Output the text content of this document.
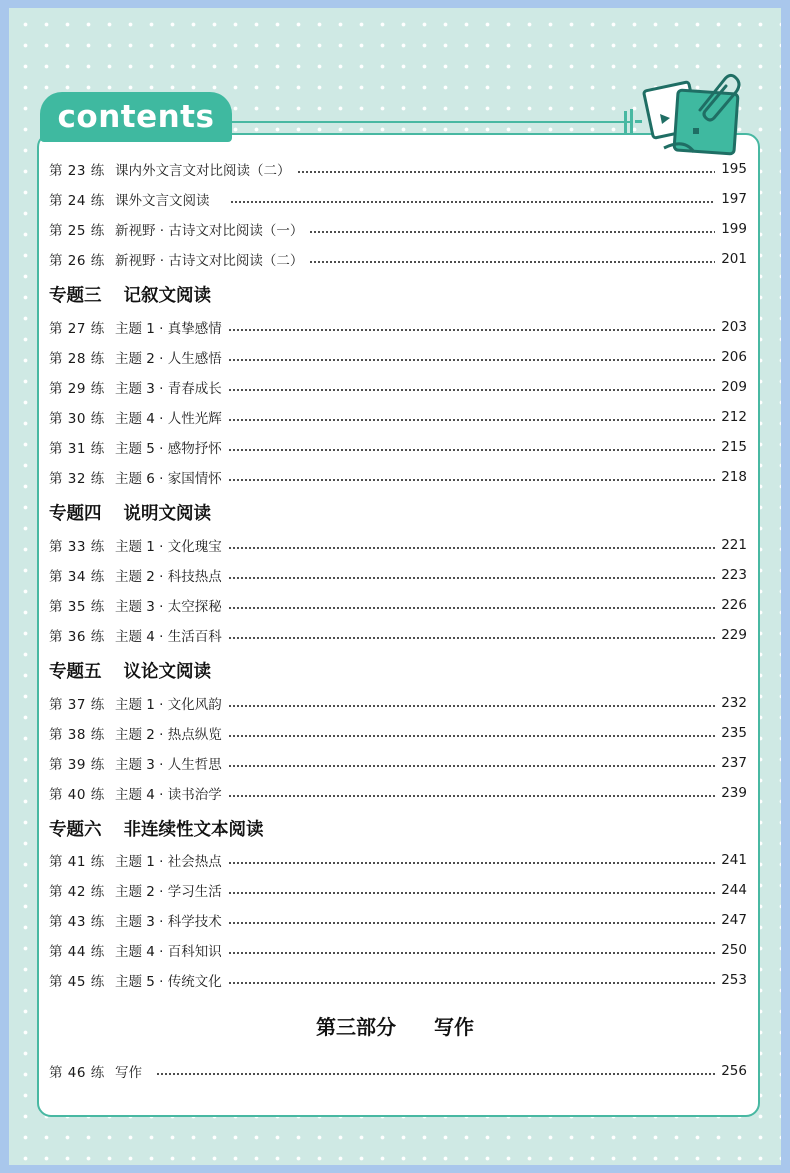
contents
第 23 练 课内外文言文对比阅读（二）	195
第 24 练 课外文言文阅读	197
第 25 练 新视野 · 古诗文对比阅读（一）	199
第 26 练 新视野 · 古诗文对比阅读（二）	201
专题三 记叙文阅读
第 27 练 主题 1 · 真挚感情	203
第 28 练 主题 2 · 人生感悟	206
第 29 练 主题 3 · 青春成长	209
第 30 练 主题 4 · 人性光辉	212
第 31 练 主题 5 · 感物抒怀	215
第 32 练 主题 6 · 家国情怀	218
专题四 说明文阅读
第 33 练 主题 1 · 文化瑰宝	221
第 34 练 主题 2 · 科技热点	223
第 35 练 主题 3 · 太空探秘	226
第 36 练 主题 4 · 生活百科	229
专题五 议论文阅读
第 37 练 主题 1 · 文化风韵	232
第 38 练 主题 2 · 热点纵览	235
第 39 练 主题 3 · 人生哲思	237
第 40 练 主题 4 · 读书治学	239
专题六 非连续性文本阅读
第 41 练 主题 1 · 社会热点	241
第 42 练 主题 2 · 学习生活	244
第 43 练 主题 3 · 科学技术	247
第 44 练 主题 4 · 百科知识	250
第 45 练 主题 5 · 传统文化	253
第 46 练 写作	256
第三部分 写作
